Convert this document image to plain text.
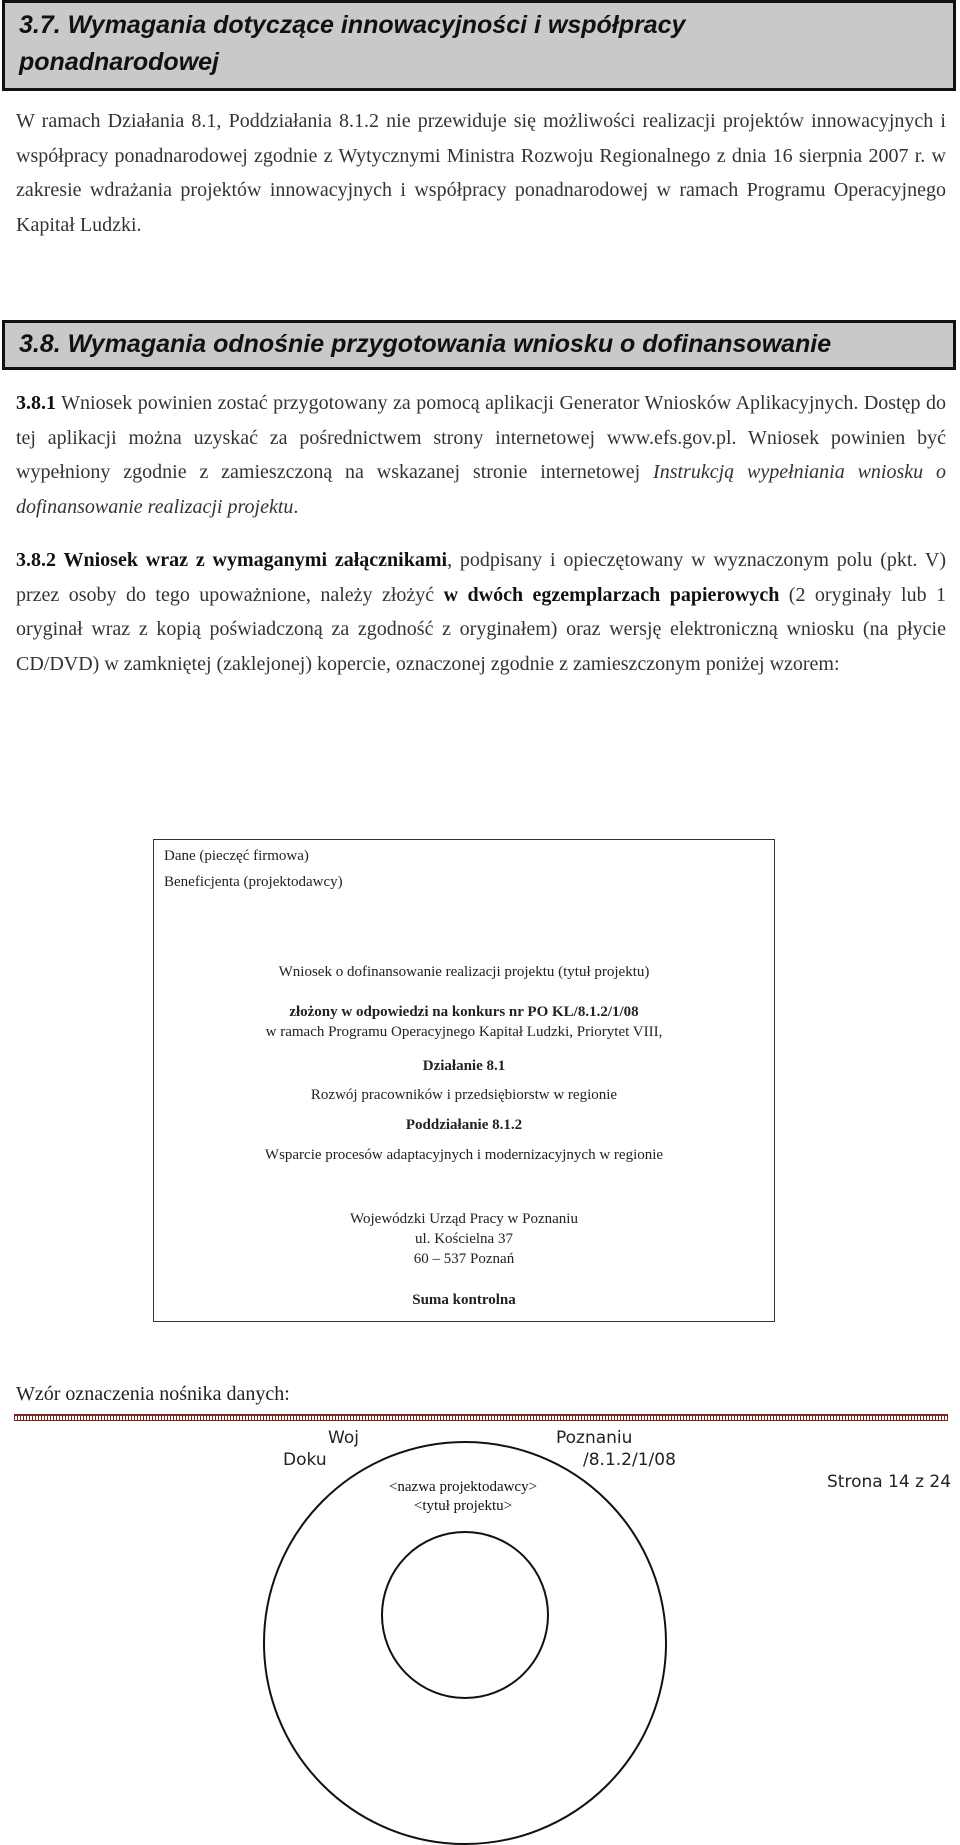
3.7. Wymagania dotyczące innowacyjności i współpracy
ponadnarodowej
W ramach Działania 8.1, Poddziałania 8.1.2 nie przewiduje się możliwości realizacji projektów innowacyjnych i współpracy ponadnarodowej zgodnie z Wytycznymi Ministra Rozwoju Regionalnego z dnia 16 sierpnia 2007 r. w zakresie wdrażania projektów innowacyjnych i współpracy ponadnarodowej w ramach Programu Operacyjnego Kapitał Ludzki.
3.8. Wymagania odnośnie przygotowania wniosku o dofinansowanie
3.8.1 Wniosek powinien zostać przygotowany za pomocą aplikacji Generator Wniosków Aplikacyjnych. Dostęp do tej aplikacji można uzyskać za pośrednictwem strony internetowej www.efs.gov.pl. Wniosek powinien być wypełniony zgodnie z zamieszczoną na wskazanej stronie internetowej Instrukcją wypełniania wniosku o dofinansowanie realizacji projektu.
3.8.2 Wniosek wraz z wymaganymi załącznikami, podpisany i opieczętowany w wyznaczonym polu (pkt. V) przez osoby do tego upoważnione, należy złożyć w dwóch egzemplarzach papierowych (2 oryginały lub 1 oryginał wraz z kopią poświadczoną za zgodność z oryginałem) oraz wersję elektroniczną wniosku (na płycie CD/DVD) w zamkniętej (zaklejonej) kopercie, oznaczonej zgodnie z zamieszczonym poniżej wzorem:
Dane (pieczęć firmowa)
Beneficjenta (projektodawcy)
Wniosek o dofinansowanie realizacji projektu (tytuł projektu)
złożony w odpowiedzi na konkurs nr PO KL/8.1.2/1/08
w ramach Programu Operacyjnego Kapitał Ludzki, Priorytet VIII,
Działanie 8.1
Rozwój pracowników i przedsiębiorstw w regionie
Poddziałanie 8.1.2
Wsparcie procesów adaptacyjnych i modernizacyjnych w regionie
Wojewódzki Urząd Pracy w Poznaniu
ul. Kościelna 37
60 – 537 Poznań
Suma kontrolna
Wzór oznaczenia nośnika danych:
Woj	Poznaniu
Doku	/8.1.2/1/08
Strona 14 z 24
<nazwa projektodawcy>
<tytuł projektu>
